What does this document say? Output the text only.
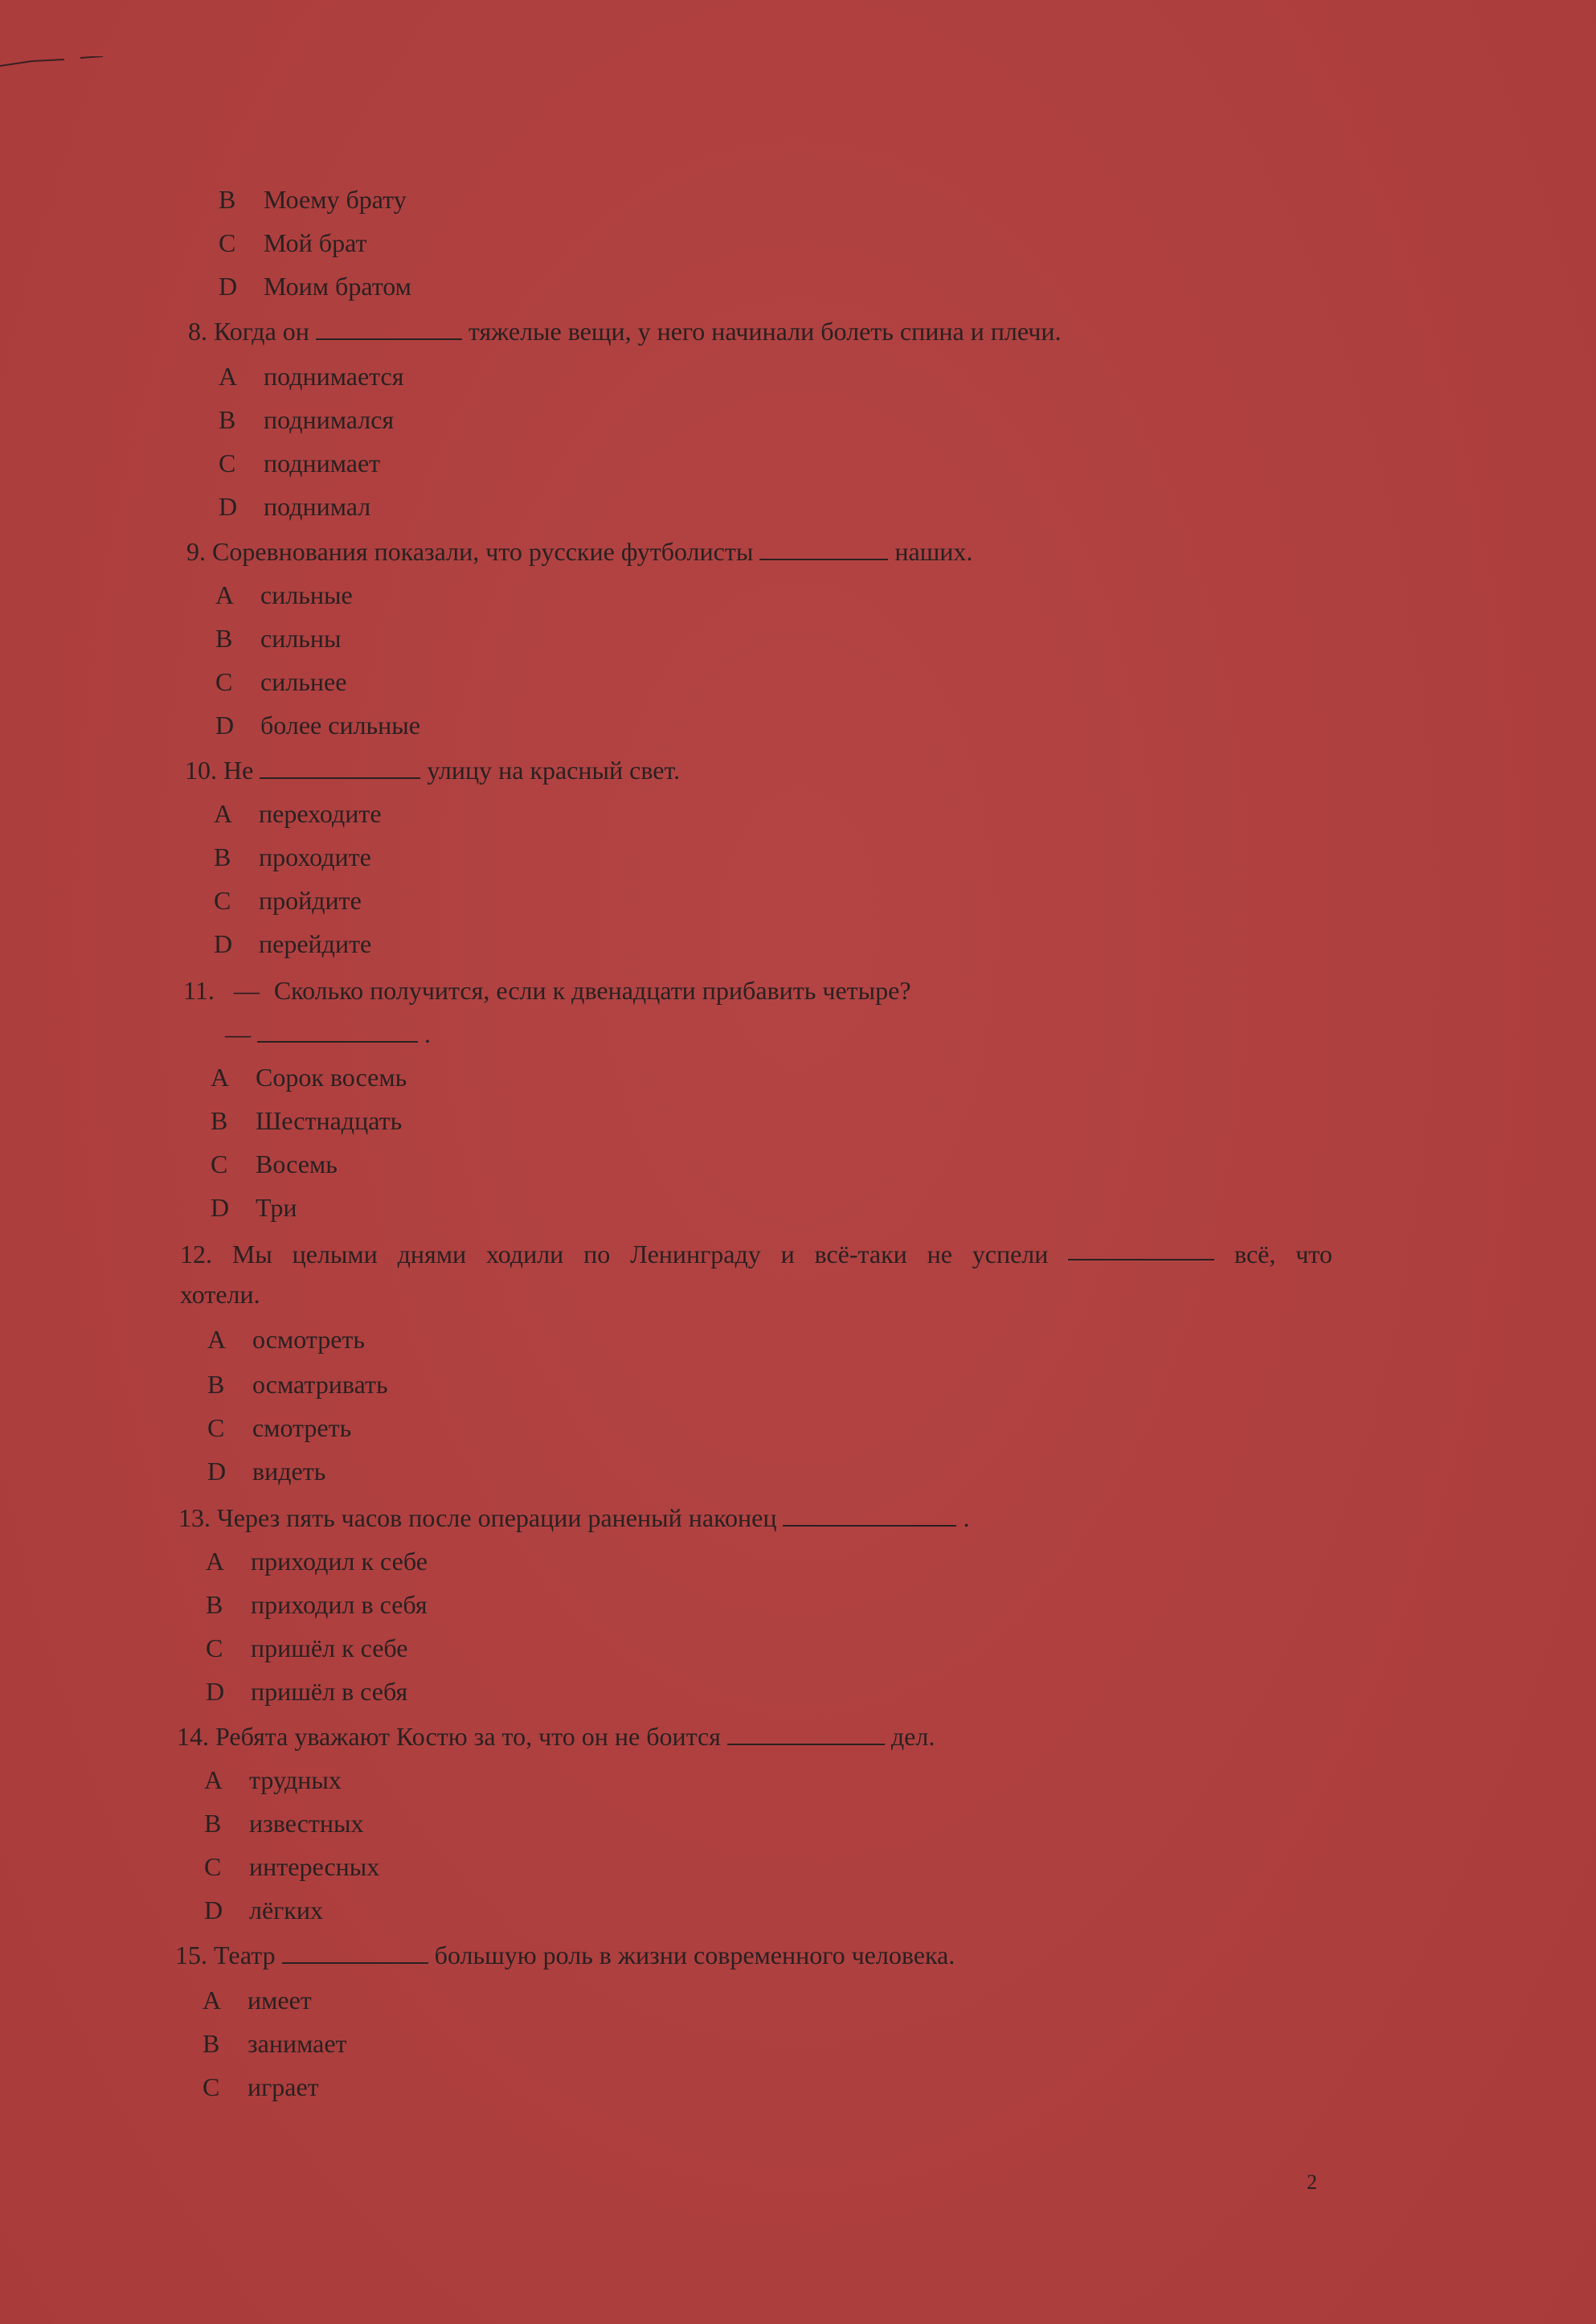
B Моему брату
C Мой брат
D Моим братом
8. Когда он	тяжелые вещи, у него начинали болеть спина и плечи.
A поднимается
B поднимался
C поднимает
D поднимал
9. Соревнования показали, что русские футболисты	наших.
A сильные
B сильны
C сильнее
D более сильные
10. Не	улицу на красный свет.
A переходите
B проходите
C пройдите
D перейдите
11. — Сколько получится, если к двенадцати прибавить четыре?
—	.
A Сорок восемь
B Шестнадцать
C Восемь
D Три
12. Мы целыми днями ходили по Ленинграду и всё-таки не успели	всё, что
хотели.
A осмотреть
B осматривать
C смотреть
D видеть
13. Через пять часов после операции раненый наконец	.
A приходил к себе
B приходил в себя
C пришёл к себе
D пришёл в себя
14. Ребята уважают Костю за то, что он не боится	дел.
A трудных
B известных
C интересных
D лёгких
15. Театр	большую роль в жизни современного человека.
A имеет
B занимает
C играет
2
